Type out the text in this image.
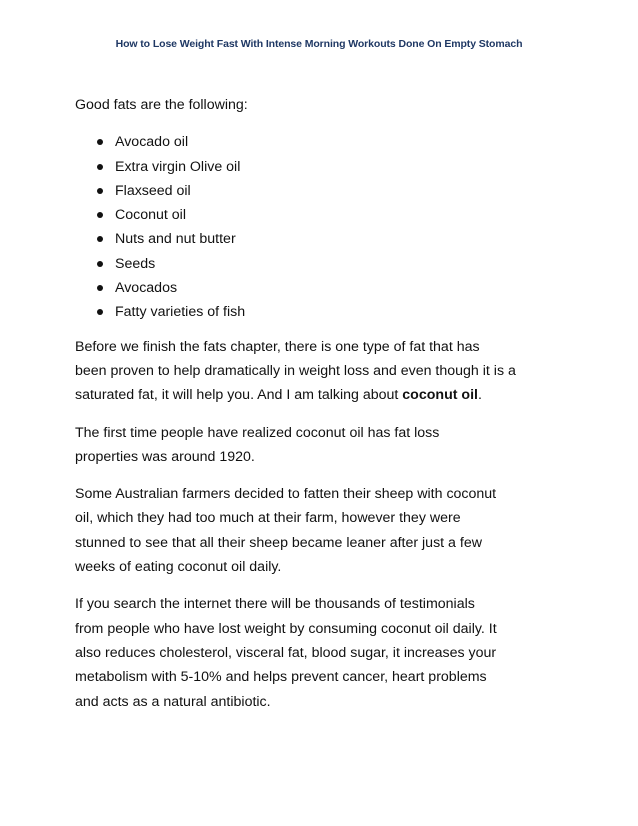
How to Lose Weight Fast With Intense Morning Workouts Done On Empty Stomach

Good fats are the following:

Avocado oil
Extra virgin Olive oil
Flaxseed oil
Coconut oil
Nuts and nut butter
Seeds
Avocados
Fatty varieties of fish

Before we finish the fats chapter, there is one type of fat that has
been proven to help dramatically in weight loss and even though it is a
saturated fat, it will help you. And I am talking about coconut oil.

The first time people have realized coconut oil has fat loss
properties was around 1920.

Some Australian farmers decided to fatten their sheep with coconut
oil, which they had too much at their farm, however they were
stunned to see that all their sheep became leaner after just a few
weeks of eating coconut oil daily.

If you search the internet there will be thousands of testimonials
from people who have lost weight by consuming coconut oil daily. It
also reduces cholesterol, visceral fat, blood sugar, it increases your
metabolism with 5-10% and helps prevent cancer, heart problems
and acts as a natural antibiotic.
